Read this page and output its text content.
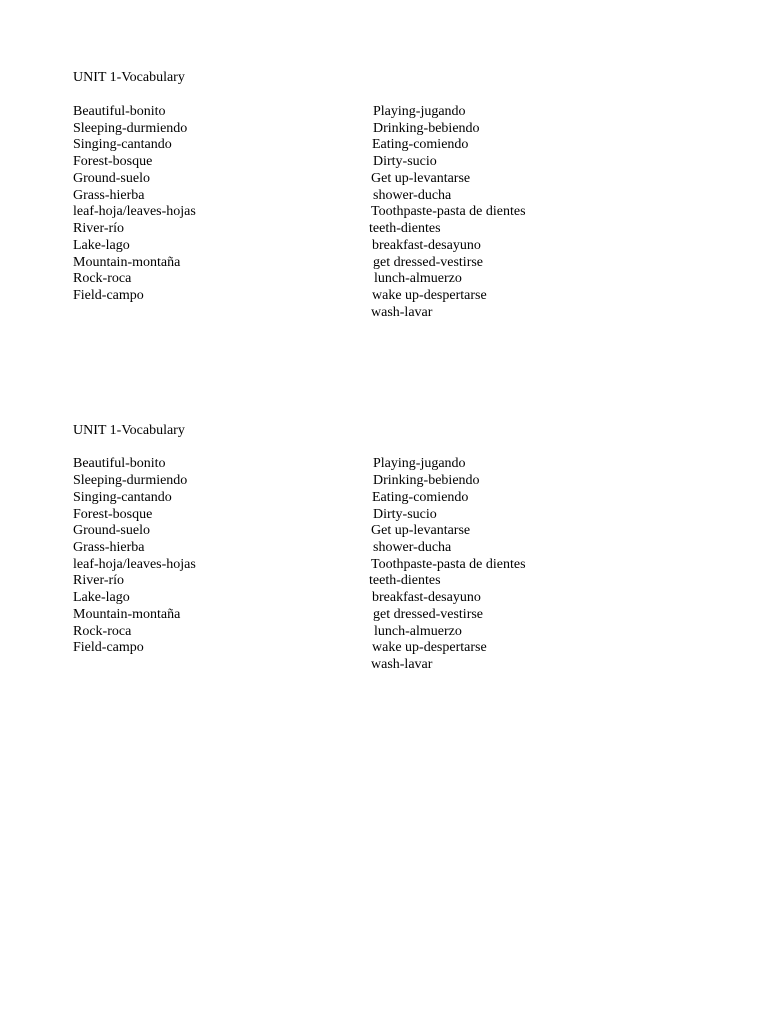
UNIT 1-Vocabulary
Beautiful-bonito
Sleeping-durmiendo
Singing-cantando
Forest-bosque
Ground-suelo
Grass-hierba
leaf-hoja/leaves-hojas
River-río
Lake-lago
Mountain-montaña
Rock-roca
Field-campo
Playing-jugando
Drinking-bebiendo
Eating-comiendo
Dirty-sucio
Get up-levantarse
shower-ducha
Toothpaste-pasta de dientes
teeth-dientes
breakfast-desayuno
get dressed-vestirse
lunch-almuerzo
wake up-despertarse
wash-lavar
UNIT 1-Vocabulary
Beautiful-bonito
Sleeping-durmiendo
Singing-cantando
Forest-bosque
Ground-suelo
Grass-hierba
leaf-hoja/leaves-hojas
River-río
Lake-lago
Mountain-montaña
Rock-roca
Field-campo
Playing-jugando
Drinking-bebiendo
Eating-comiendo
Dirty-sucio
Get up-levantarse
shower-ducha
Toothpaste-pasta de dientes
teeth-dientes
breakfast-desayuno
get dressed-vestirse
lunch-almuerzo
wake up-despertarse
wash-lavar
